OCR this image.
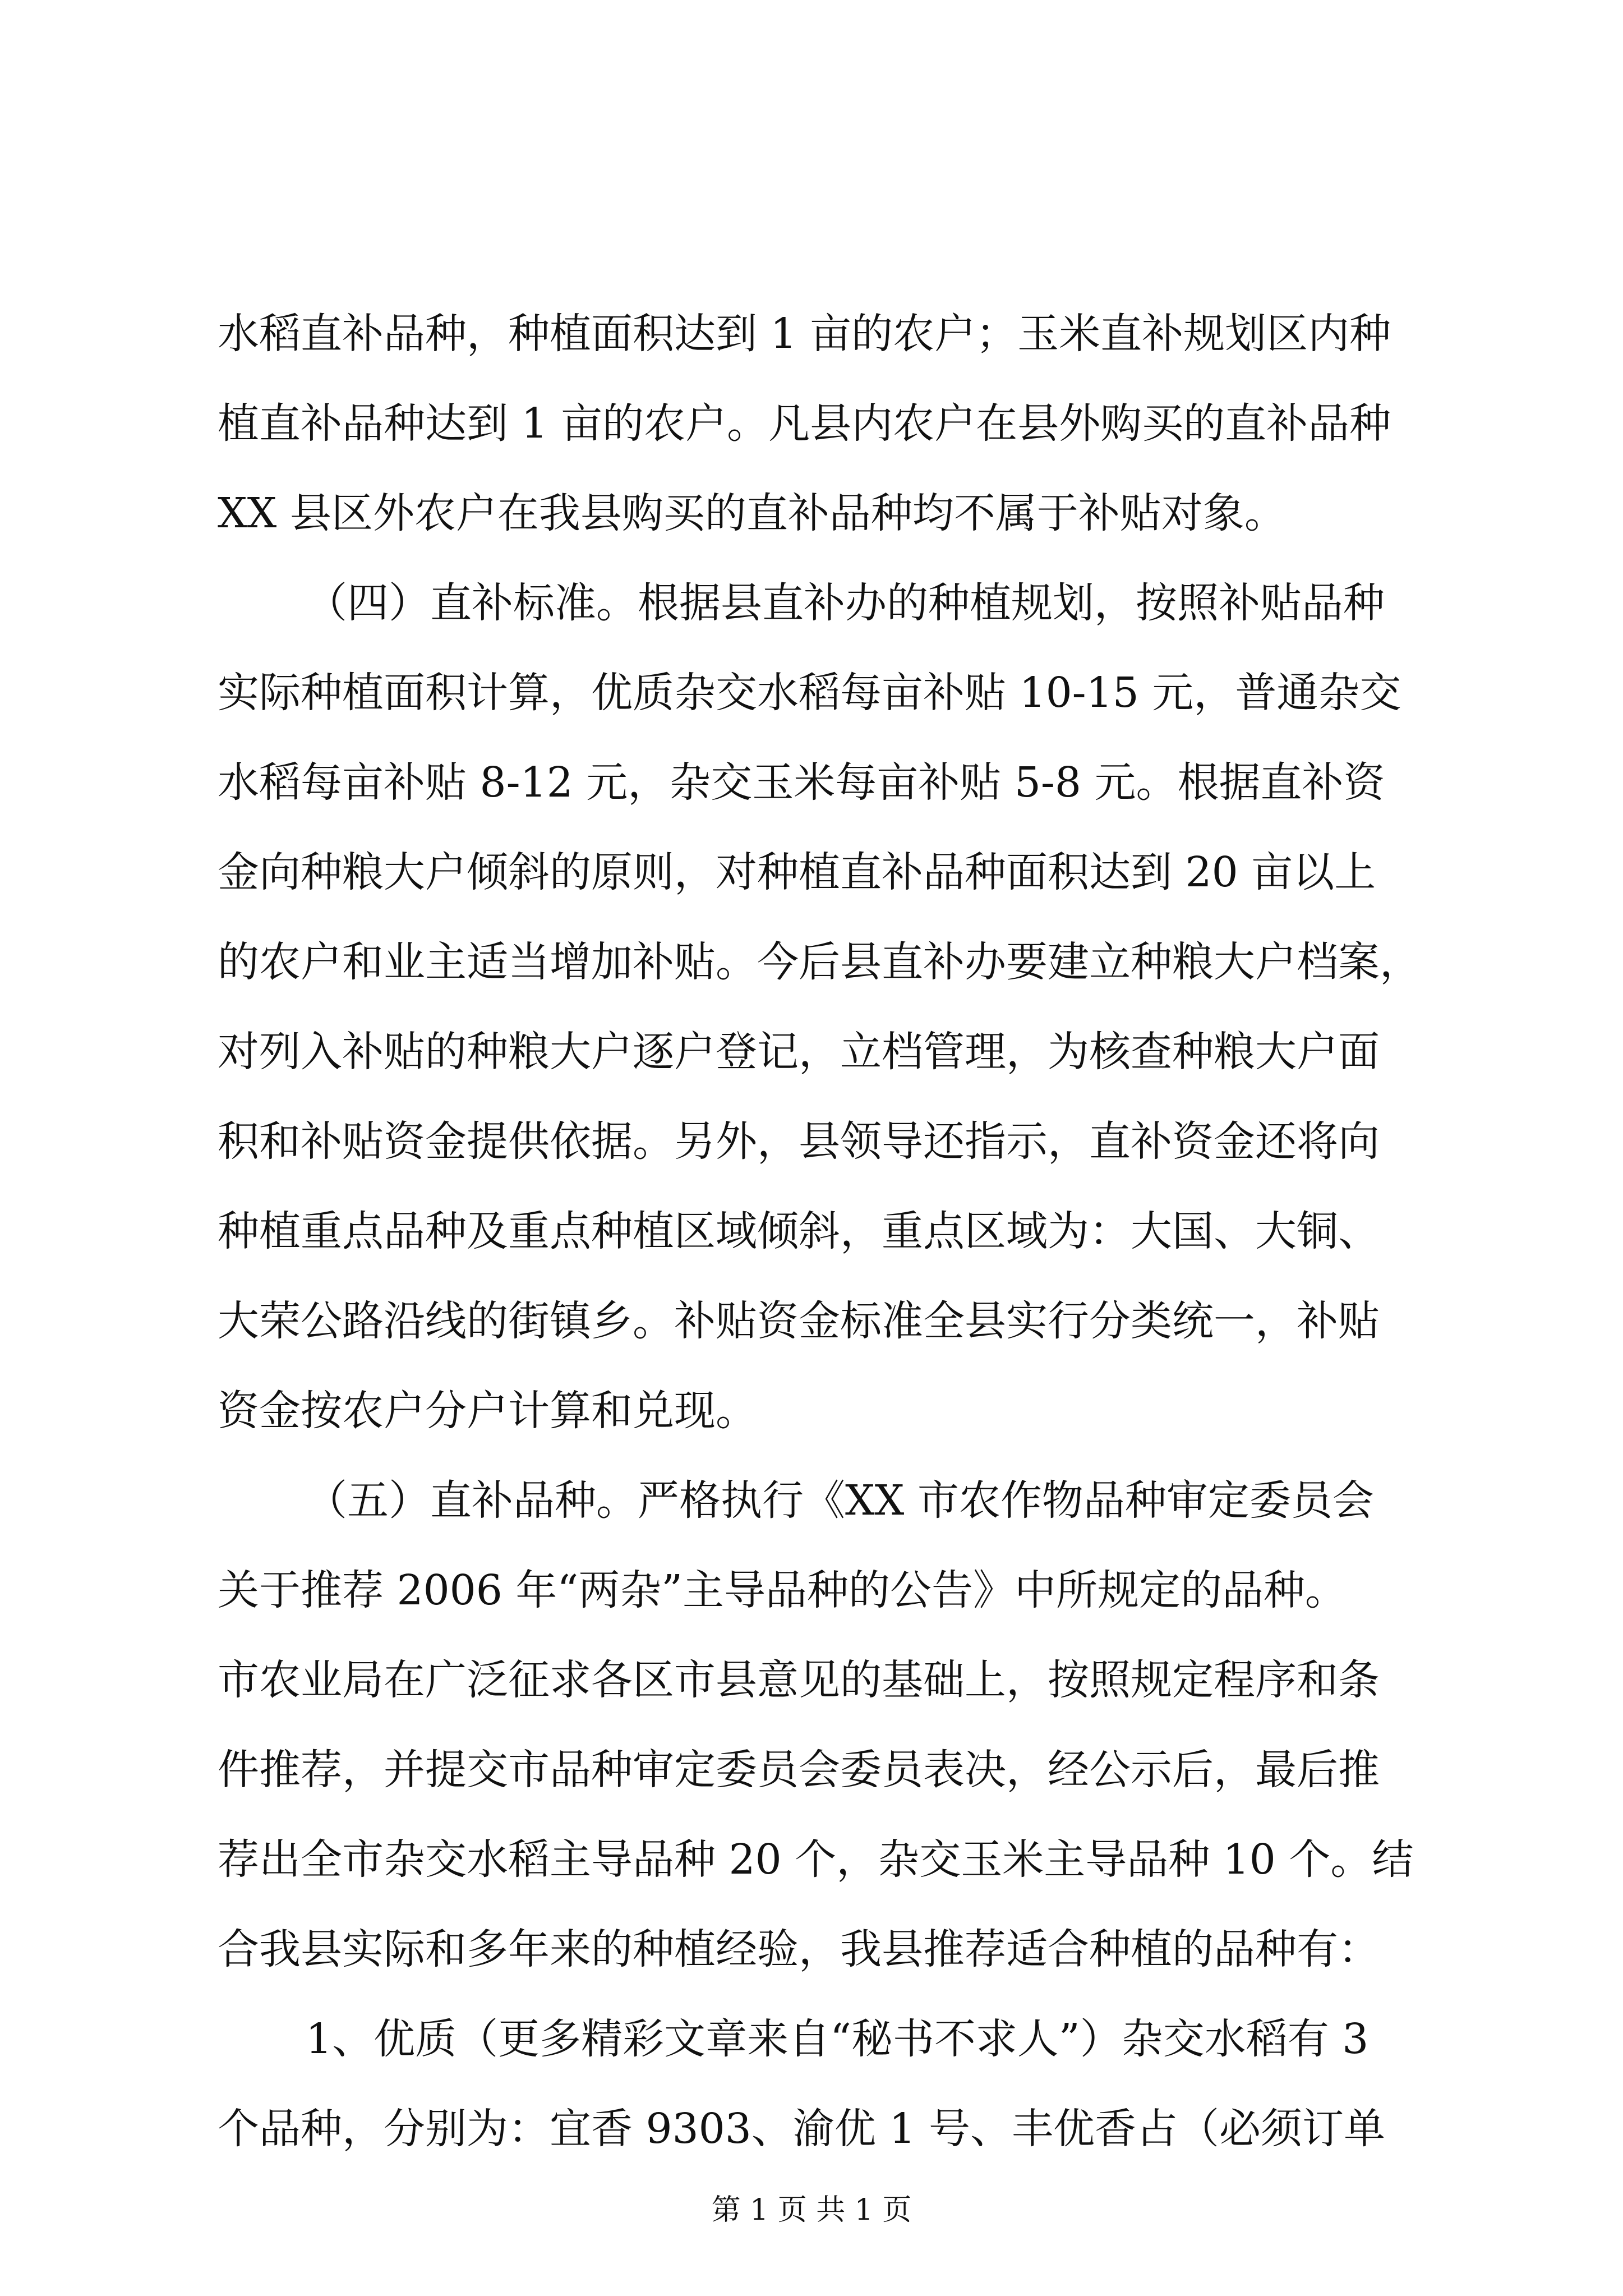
水稻直补品种，种植面积达到 1 亩的农户；玉米直补规划区内种
植直补品种达到 1 亩的农户。凡县内农户在县外购买的直补品种
XX 县区外农户在我县购买的直补品种均不属于补贴对象。
（四）直补标准。根据县直补办的种植规划，按照补贴品种
实际种植面积计算，优质杂交水稻每亩补贴 10-15 元，普通杂交
水稻每亩补贴 8-12 元，杂交玉米每亩补贴 5-8 元。根据直补资
金向种粮大户倾斜的原则，对种植直补品种面积达到 20 亩以上
的农户和业主适当增加补贴。今后县直补办要建立种粮大户档案，
对列入补贴的种粮大户逐户登记，立档管理，为核查种粮大户面
积和补贴资金提供依据。另外，县领导还指示，直补资金还将向
种植重点品种及重点种植区域倾斜，重点区域为：大国、大铜、
大荣公路沿线的街镇乡。补贴资金标准全县实行分类统一，补贴
资金按农户分户计算和兑现。
（五）直补品种。严格执行《XX 市农作物品种审定委员会
关于推荐 2006 年“两杂”主导品种的公告》中所规定的品种。
市农业局在广泛征求各区市县意见的基础上，按照规定程序和条
件推荐，并提交市品种审定委员会委员表决，经公示后，最后推
荐出全市杂交水稻主导品种 20 个，杂交玉米主导品种 10 个。结
合我县实际和多年来的种植经验，我县推荐适合种植的品种有：
1、优质（更多精彩文章来自“秘书不求人”）杂交水稻有 3
个品种，分别为：宜香 9303、渝优 1 号、丰优香占（必须订单
第 1 页 共 1 页
